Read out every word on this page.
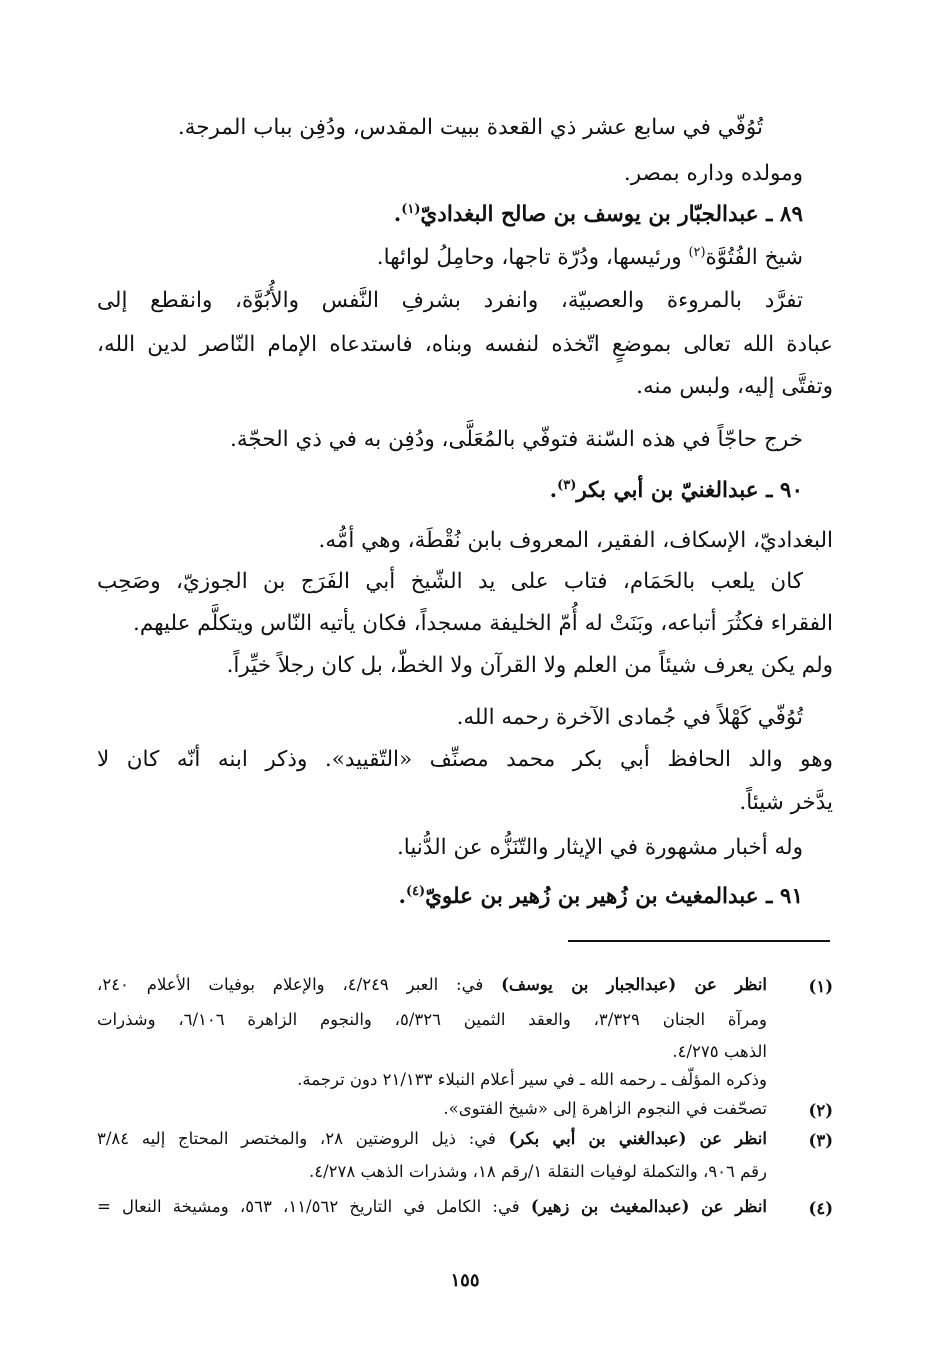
تُوُفّي في سابع عشر ذي القعدة ببيت المقدس، ودُفِن بباب المرجة.

ومولده وداره بمصر.

٨٩ ـ عبدالجبّار بن يوسف بن صالح البغداديّ$^{(١)}$.

شيخ الفُتُوَّة$^{(٢)}$ ورئيسها، ودُرّة تاجها، وحامِلُ لوائها.

تفرَّد بالمروءة والعصبيّة، وانفرد بشرفِ النَّفس والأُبُوَّة، وانقطع إلى

عبادة الله تعالى بموضعٍ اتّخذه لنفسه وبناه، فاستدعاه الإمام النّاصر لدين الله،

وتفتَّى إليه، ولبس منه.

خرج حاجّاً في هذه السّنة فتوفّي بالمُعَلَّى، ودُفِن به في ذي الحجّة.

٩٠ ـ عبدالغنيّ بن أبي بكر$^{(٣)}$.

البغداديّ، الإسكاف، الفقير، المعروف بابن نُقْطَة، وهي أمُّه.

كان يلعب بالحَمَام، فتاب على يد الشّيخ أبي الفَرَج بن الجوزيّ، وصَحِب

الفقراء فكثُرَ أتباعه، وبَنَتْ له أُمّ الخليفة مسجداً، فكان يأتيه النّاس ويتكلَّم عليهم.

ولم يكن يعرف شيئاً من العلم ولا القرآن ولا الخطّ، بل كان رجلاً خيِّراً.

تُوُفّي كَهْلاً في جُمادى الآخرة رحمه الله.

وهو والد الحافظ أبي بكر محمد مصنِّف «التّقييد». وذكر ابنه أنّه كان لا

يدَّخر شيئاً.

وله أخبار مشهورة في الإيثار والتّنَزُّه عن الدُّنيا.

٩١ ـ عبدالمغيث بن زُهير بن زُهير بن علويّ$^{(٤)}$.

(١)

انظر عن (عبدالجبار بن يوسف) في: العبر ٤/٢٤٩، والإعلام بوفيات الأعلام ٢٤٠،

ومرآة الجنان ٣/٣٢٩، والعقد الثمين ٥/٣٢٦، والنجوم الزاهرة ٦/١٠٦، وشذرات

الذهب ٤/٢٧٥.

وذكره المؤلّف ـ رحمه الله ـ في سير أعلام النبلاء ٢١/١٣٣ دون ترجمة.

(٢)

تصحّفت في النجوم الزاهرة إلى «شيخ الفتوى».

(٣)

انظر عن (عبدالغني بن أبي بكر) في: ذيل الروضتين ٢٨، والمختصر المحتاج إليه ٣/٨٤

رقم ٩٠٦، والتكملة لوفيات النقلة ١/رقم ١٨، وشذرات الذهب ٤/٢٧٨.

(٤)

انظر عن (عبدالمغيث بن زهير) في: الكامل في التاريخ ١١/٥٦٢، ٥٦٣، ومشيخة النعال =

١٥٥
